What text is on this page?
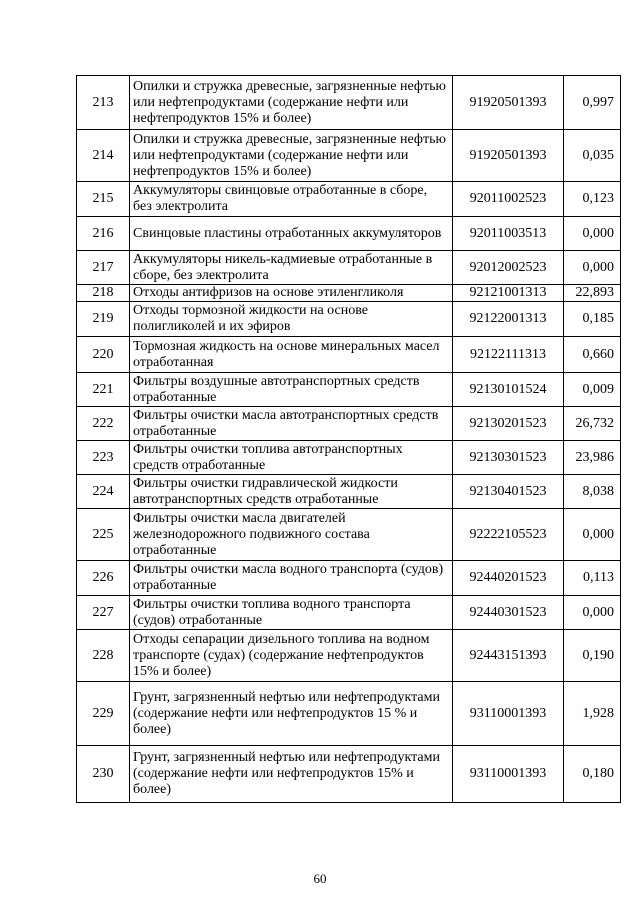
213	Опилки и стружка древесные, загрязненные нефтью или нефтепродуктами (содержание нефти или нефтепродуктов 15% и более)	91920501393	0,997
214	Опилки и стружка древесные, загрязненные нефтью или нефтепродуктами (содержание нефти или нефтепродуктов 15% и более)	91920501393	0,035
215	Аккумуляторы свинцовые отработанные в сборе, без электролита	92011002523	0,123
216	Свинцовые пластины отработанных аккумуляторов	92011003513	0,000
217	Аккумуляторы никель-кадмиевые отработанные в сборе, без электролита	92012002523	0,000
218	Отходы антифризов на основе этиленгликоля	92121001313	22,893
219	Отходы тормозной жидкости на основе полигликолей и их эфиров	92122001313	0,185
220	Тормозная жидкость на основе минеральных масел отработанная	92122111313	0,660
221	Фильтры воздушные автотранспортных средств отработанные	92130101524	0,009
222	Фильтры очистки масла автотранспортных средств отработанные	92130201523	26,732
223	Фильтры очистки топлива автотранспортных средств отработанные	92130301523	23,986
224	Фильтры очистки гидравлической жидкости автотранспортных средств отработанные	92130401523	8,038
225	Фильтры очистки масла двигателей железнодорожного подвижного состава отработанные	92222105523	0,000
226	Фильтры очистки масла водного транспорта (судов) отработанные	92440201523	0,113
227	Фильтры очистки топлива водного транспорта (судов) отработанные	92440301523	0,000
228	Отходы сепарации дизельного топлива на водном транспорте (судах) (содержание нефтепродуктов 15% и более)	92443151393	0,190
229	Грунт, загрязненный нефтью или нефтепродуктами (содержание нефти или нефтепродуктов 15 % и более)	93110001393	1,928
230	Грунт, загрязненный нефтью или нефтепродуктами (содержание нефти или нефтепродуктов 15% и более)	93110001393	0,180
60
